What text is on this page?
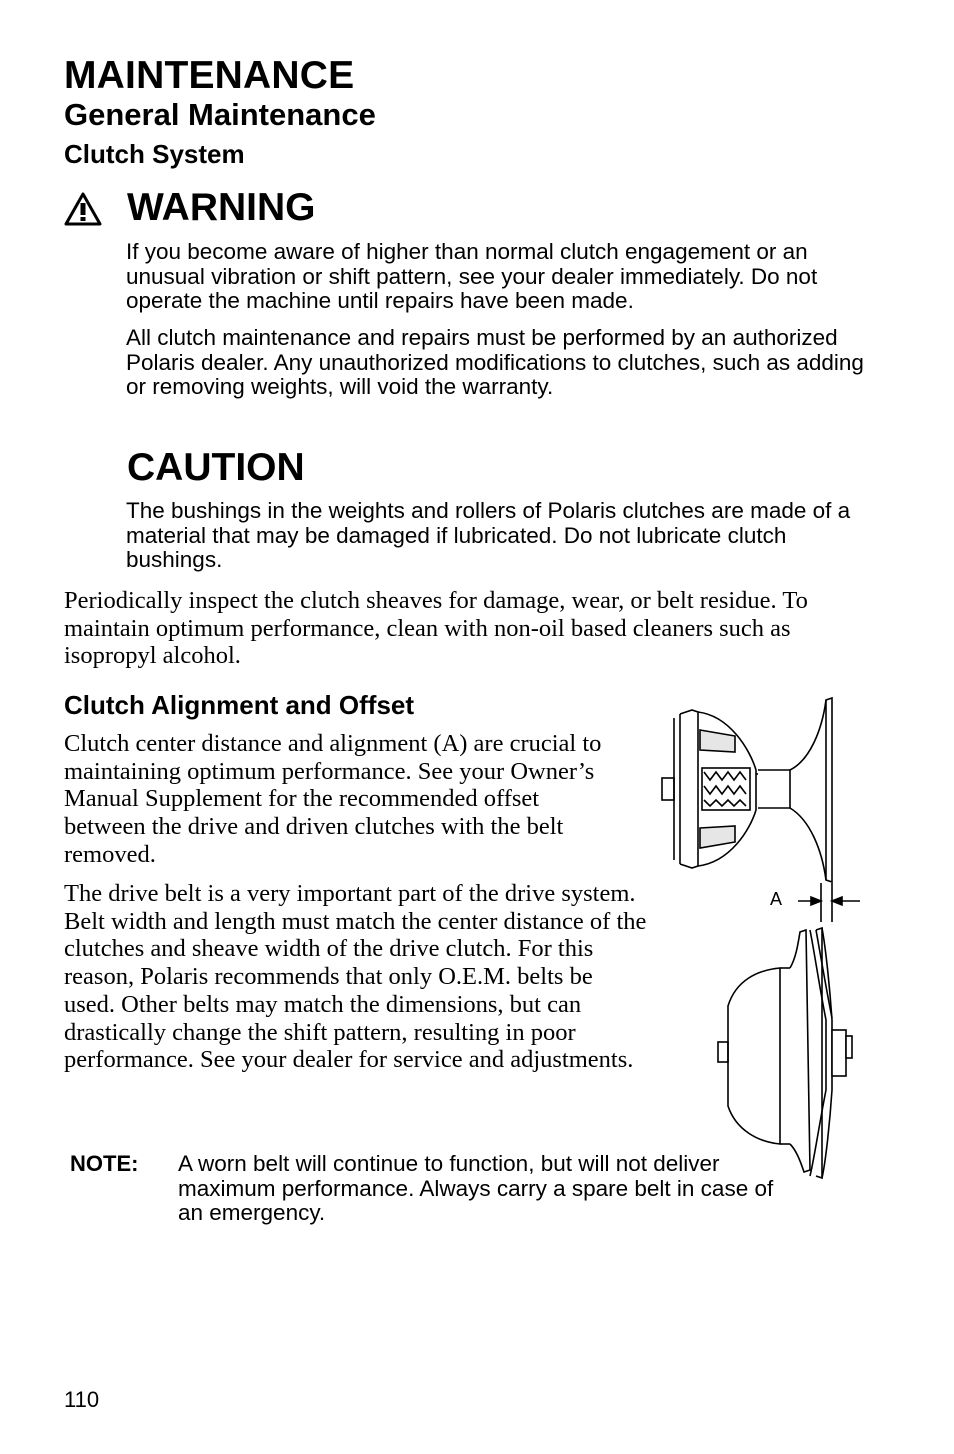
MAINTENANCE
General Maintenance
Clutch System
WARNING

If you become aware of higher than normal clutch engagement or an unusual vibration or shift pattern, see your dealer immediately. Do not operate the machine until repairs have been made.

All clutch maintenance and repairs must be performed by an authorized Polaris dealer. Any unauthorized modifications to clutches, such as adding or removing weights, will void the warranty.

CAUTION

The bushings in the weights and rollers of Polaris clutches are made of a material that may be damaged if lubricated. Do not lubricate clutch bushings.

Periodically inspect the clutch sheaves for damage, wear, or belt residue. To maintain optimum performance, clean with non-oil based cleaners such as isopropyl alcohol.

Clutch Alignment and Offset

Clutch center distance and alignment (A) are crucial to maintaining optimum performance. See your Owner’s Manual Supplement for the recommended offset between the drive and driven clutches with the belt removed.

The drive belt is a very important part of the drive system. Belt width and length must match the center distance of the clutches and sheave width of the drive clutch. For this reason, Polaris recommends that only O.E.M. belts be used. Other belts may match the dimensions, but can drastically change the shift pattern, resulting in poor performance. See your dealer for service and adjustments.

NOTE: A worn belt will continue to function, but will not deliver maximum performance. Always carry a spare belt in case of an emergency.

A
110
